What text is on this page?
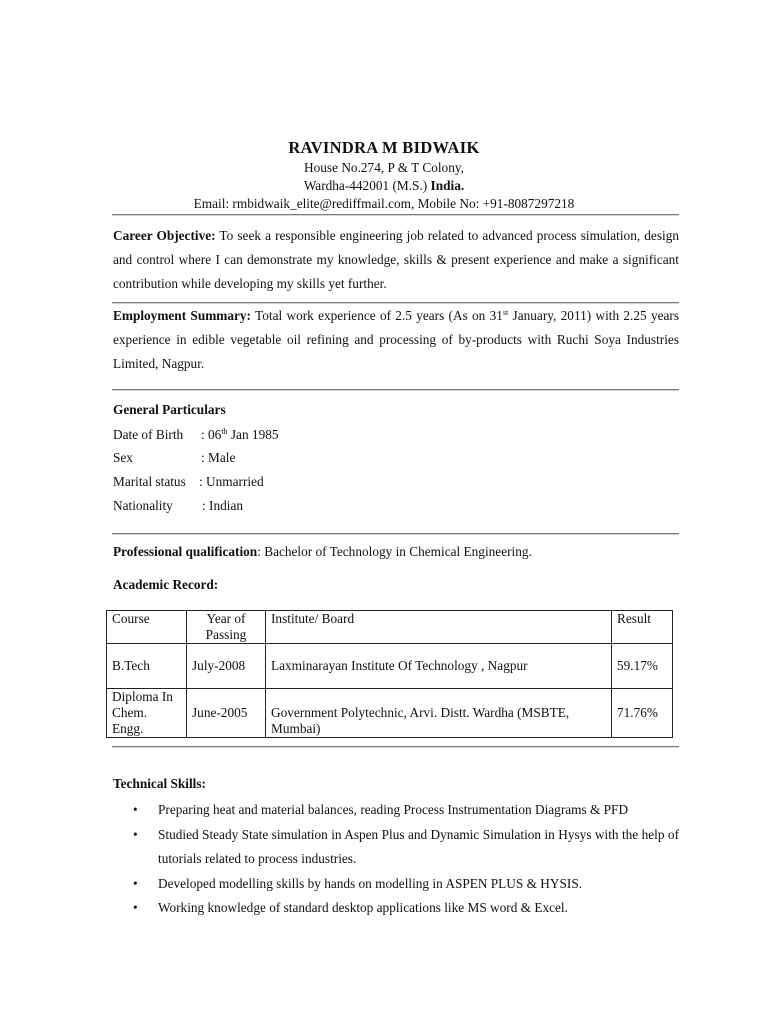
RAVINDRA M BIDWAIK
House No.274, P & T Colony,
Wardha-442001 (M.S.) India.
Email: rmbidwaik_elite@rediffmail.com, Mobile No: +91-8087297218

Career Objective: To seek a responsible engineering job related to advanced process simulation, design and control where I can demonstrate my knowledge, skills & present experience and make a significant contribution while developing my skills yet further.

Employment Summary: Total work experience of 2.5 years (As on 31st January, 2011) with 2.25 years experience in edible vegetable oil refining and processing of by-products with Ruchi Soya Industries Limited, Nagpur.

General Particulars
Date of Birth : 06th Jan 1985
Sex	: Male
Marital status : Unmarried
Nationality : Indian
Professional qualification: Bachelor of Technology in Chemical Engineering.
Academic Record:
Course	Year of Passing	Institute/ Board	Result
B.Tech	July-2008	Laxminarayan Institute Of Technology , Nagpur	59.17%
Diploma In Chem. Engg.	June-2005	Government Polytechnic, Arvi. Distt. Wardha (MSBTE, Mumbai)	71.76%
Technical Skills:
• Preparing heat and material balances, reading Process Instrumentation Diagrams & PFD
• Studied Steady State simulation in Aspen Plus and Dynamic Simulation in Hysys with the help of tutorials related to process industries.
• Developed modelling skills by hands on modelling in ASPEN PLUS & HYSIS.
• Working knowledge of standard desktop applications like MS word & Excel.
